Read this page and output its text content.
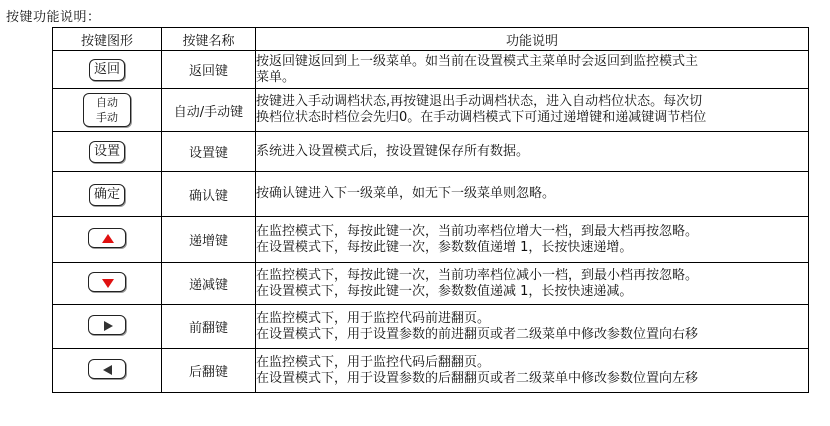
按键功能说明：
按键图形	按键名称	功能说明
返回	返回键	按返回键返回到上一级菜单。如当前在设置模式主菜单时会返回到监控模式主
菜单。

自动
手动	自动/手动键	按键进入手动调档状态,再按键退出手动调档状态，进入自动档位状态。每次切
换档位状态时档位会先归0。在手动调档模式下可通过递增键和递减键调节档位

设置	设置键	系统进入设置模式后，按设置键保存所有数据。

确定	确认键	按确认键进入下一级菜单，如无下一级菜单则忽略。

	递增键	在监控模式下，每按此键一次，当前功率档位增大一档，到最大档再按忽略。
在设置模式下，每按此键一次，参数数值递增 1，长按快速递增。

	递减键	在监控模式下，每按此键一次，当前功率档位减小一档，到最小档再按忽略。
在设置模式下，每按此键一次，参数数值递减 1，长按快速递减。

	前翻键	在监控模式下，用于监控代码前进翻页。
在设置模式下，用于设置参数的前进翻页或者二级菜单中修改参数位置向右移

	后翻键	在监控模式下，用于监控代码后翻翻页。
在设置模式下，用于设置参数的后翻翻页或者二级菜单中修改参数位置向左移
